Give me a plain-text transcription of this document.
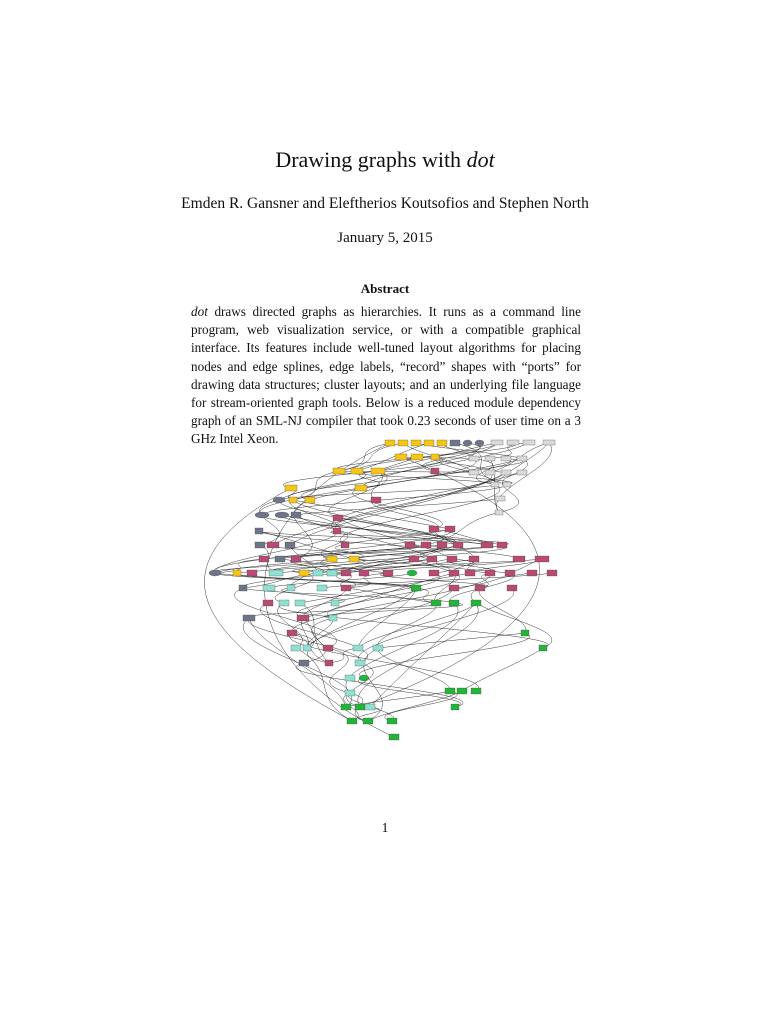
Drawing graphs with dot
Emden R. Gansner and Eleftherios Koutsofios and Stephen North
January 5, 2015
Abstract
dot draws directed graphs as hierarchies. It runs as a command line program, web visualization service, or with a compatible graphical interface. Its features include well-tuned layout algorithms for placing nodes and edge splines, edge labels, “record” shapes with “ports” for drawing data structures; cluster layouts; and an underlying file language for stream-oriented graph tools. Below is a reduced module dependency graph of an SML-NJ compiler that took 0.23 seconds of user time on a 3 GHz Intel Xeon.
1
